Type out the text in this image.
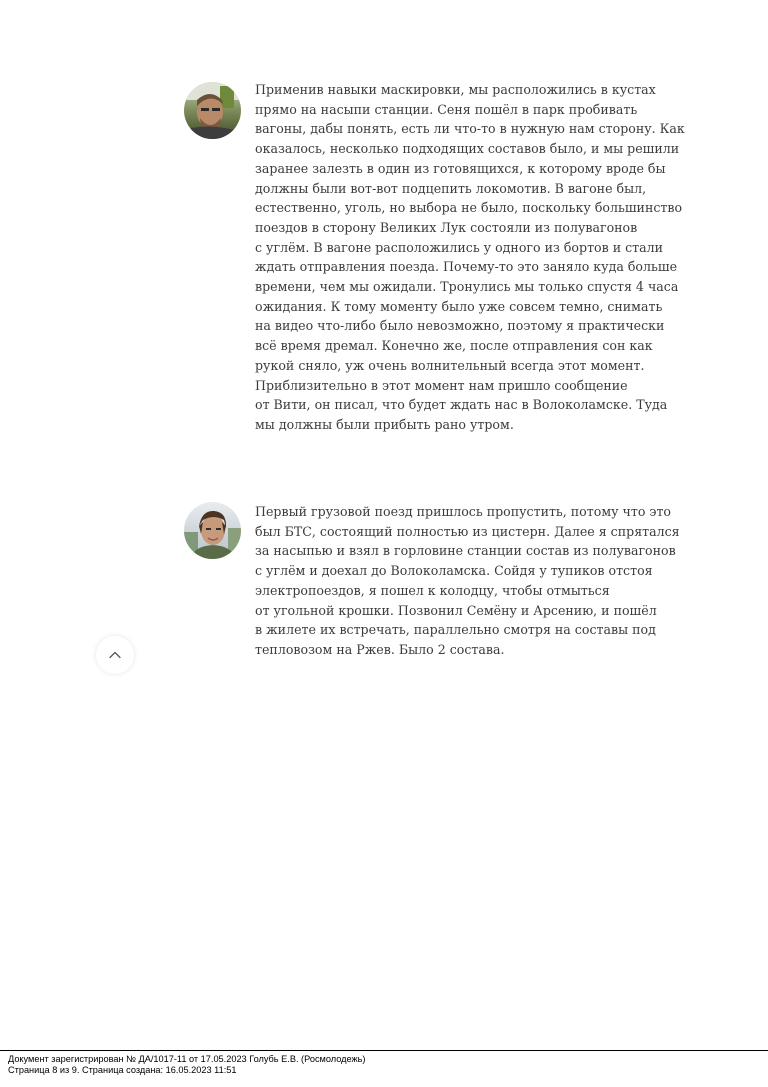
Применив навыки маскировки, мы расположились в кустах
прямо на насыпи станции. Сеня пошёл в парк пробивать
вагоны, дабы понять, есть ли что-то в нужную нам сторону. Как
оказалось, несколько подходящих составов было, и мы решили
заранее залезть в один из готовящихся, к которому вроде бы
должны были вот-вот подцепить локомотив. В вагоне был,
естественно, уголь, но выбора не было, поскольку большинство
поездов в сторону Великих Лук состояли из полувагонов
с углём. В вагоне расположились у одного из бортов и стали
ждать отправления поезда. Почему-то это заняло куда больше
времени, чем мы ожидали. Тронулись мы только спустя 4 часа
ожидания. К тому моменту было уже совсем темно, снимать
на видео что-либо было невозможно, поэтому я практически
всё время дремал. Конечно же, после отправления сон как
рукой сняло, уж очень волнительный всегда этот момент.
Приблизительно в этот момент нам пришло сообщение
от Вити, он писал, что будет ждать нас в Волоколамске. Туда
мы должны были прибыть рано утром.
Первый грузовой поезд пришлось пропустить, потому что это
был БТС, состоящий полностью из цистерн. Далее я спрятался
за насыпью и взял в горловине станции состав из полувагонов
с углём и доехал до Волоколамска. Сойдя у тупиков отстоя
электропоездов, я пошел к колодцу, чтобы отмыться
от угольной крошки. Позвонил Семёну и Арсению, и пошёл
в жилете их встречать, параллельно смотря на составы под
тепловозом на Ржев. Было 2 состава.
Документ зарегистрирован № ДА/1017-11 от 17.05.2023 Голубь Е.В. (Росмолодежь)
Страница 8 из 9. Страница создана: 16.05.2023 11:51
